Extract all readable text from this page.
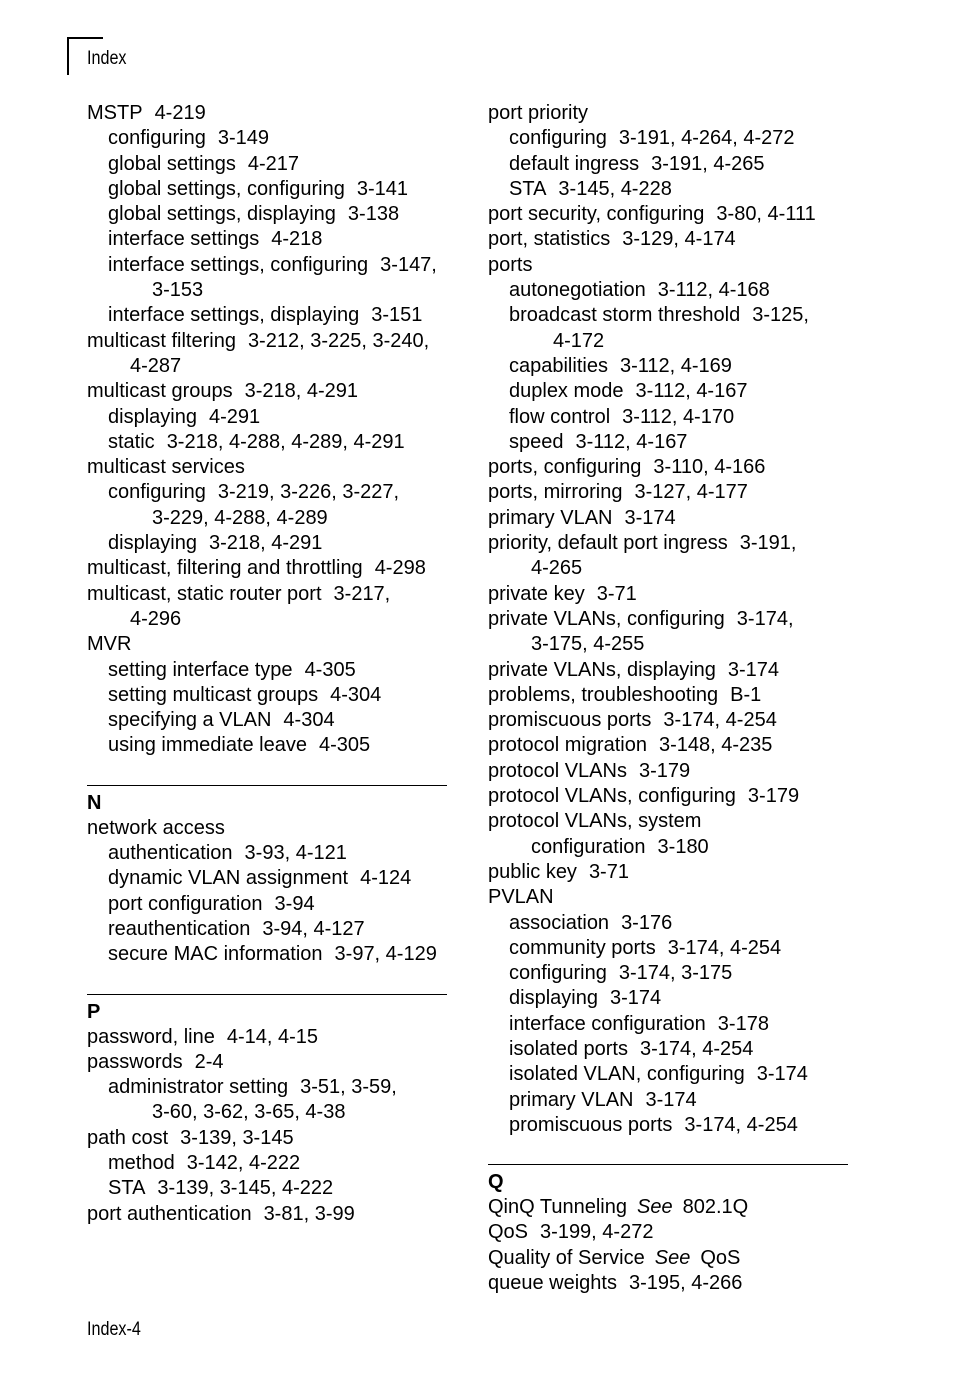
Index
MSTP 4-219
configuring 3-149
global settings 4-217
global settings, configuring 3-141
global settings, displaying 3-138
interface settings 4-218
interface settings, configuring 3-147,
3-153
interface settings, displaying 3-151
multicast filtering 3-212, 3-225, 3-240,
4-287
multicast groups 3-218, 4-291
displaying 4-291
static 3-218, 4-288, 4-289, 4-291
multicast services
configuring 3-219, 3-226, 3-227,
3-229, 4-288, 4-289
displaying 3-218, 4-291
multicast, filtering and throttling 4-298
multicast, static router port 3-217,
4-296
MVR
setting interface type 4-305
setting multicast groups 4-304
specifying a VLAN 4-304
using immediate leave 4-305
N
network access
authentication 3-93, 4-121
dynamic VLAN assignment 4-124
port configuration 3-94
reauthentication 3-94, 4-127
secure MAC information 3-97, 4-129
P
password, line 4-14, 4-15
passwords 2-4
administrator setting 3-51, 3-59,
3-60, 3-62, 3-65, 4-38
path cost 3-139, 3-145
method 3-142, 4-222
STA 3-139, 3-145, 4-222
port authentication 3-81, 3-99
port priority
configuring 3-191, 4-264, 4-272
default ingress 3-191, 4-265
STA 3-145, 4-228
port security, configuring 3-80, 4-111
port, statistics 3-129, 4-174
ports
autonegotiation 3-112, 4-168
broadcast storm threshold 3-125,
4-172
capabilities 3-112, 4-169
duplex mode 3-112, 4-167
flow control 3-112, 4-170
speed 3-112, 4-167
ports, configuring 3-110, 4-166
ports, mirroring 3-127, 4-177
primary VLAN 3-174
priority, default port ingress 3-191,
4-265
private key 3-71
private VLANs, configuring 3-174,
3-175, 4-255
private VLANs, displaying 3-174
problems, troubleshooting B-1
promiscuous ports 3-174, 4-254
protocol migration 3-148, 4-235
protocol VLANs 3-179
protocol VLANs, configuring 3-179
protocol VLANs, system
configuration 3-180
public key 3-71
PVLAN
association 3-176
community ports 3-174, 4-254
configuring 3-174, 3-175
displaying 3-174
interface configuration 3-178
isolated ports 3-174, 4-254
isolated VLAN, configuring 3-174
primary VLAN 3-174
promiscuous ports 3-174, 4-254
Q
QinQ Tunneling See 802.1Q
QoS 3-199, 4-272
Quality of Service See QoS
queue weights 3-195, 4-266
Index-4
